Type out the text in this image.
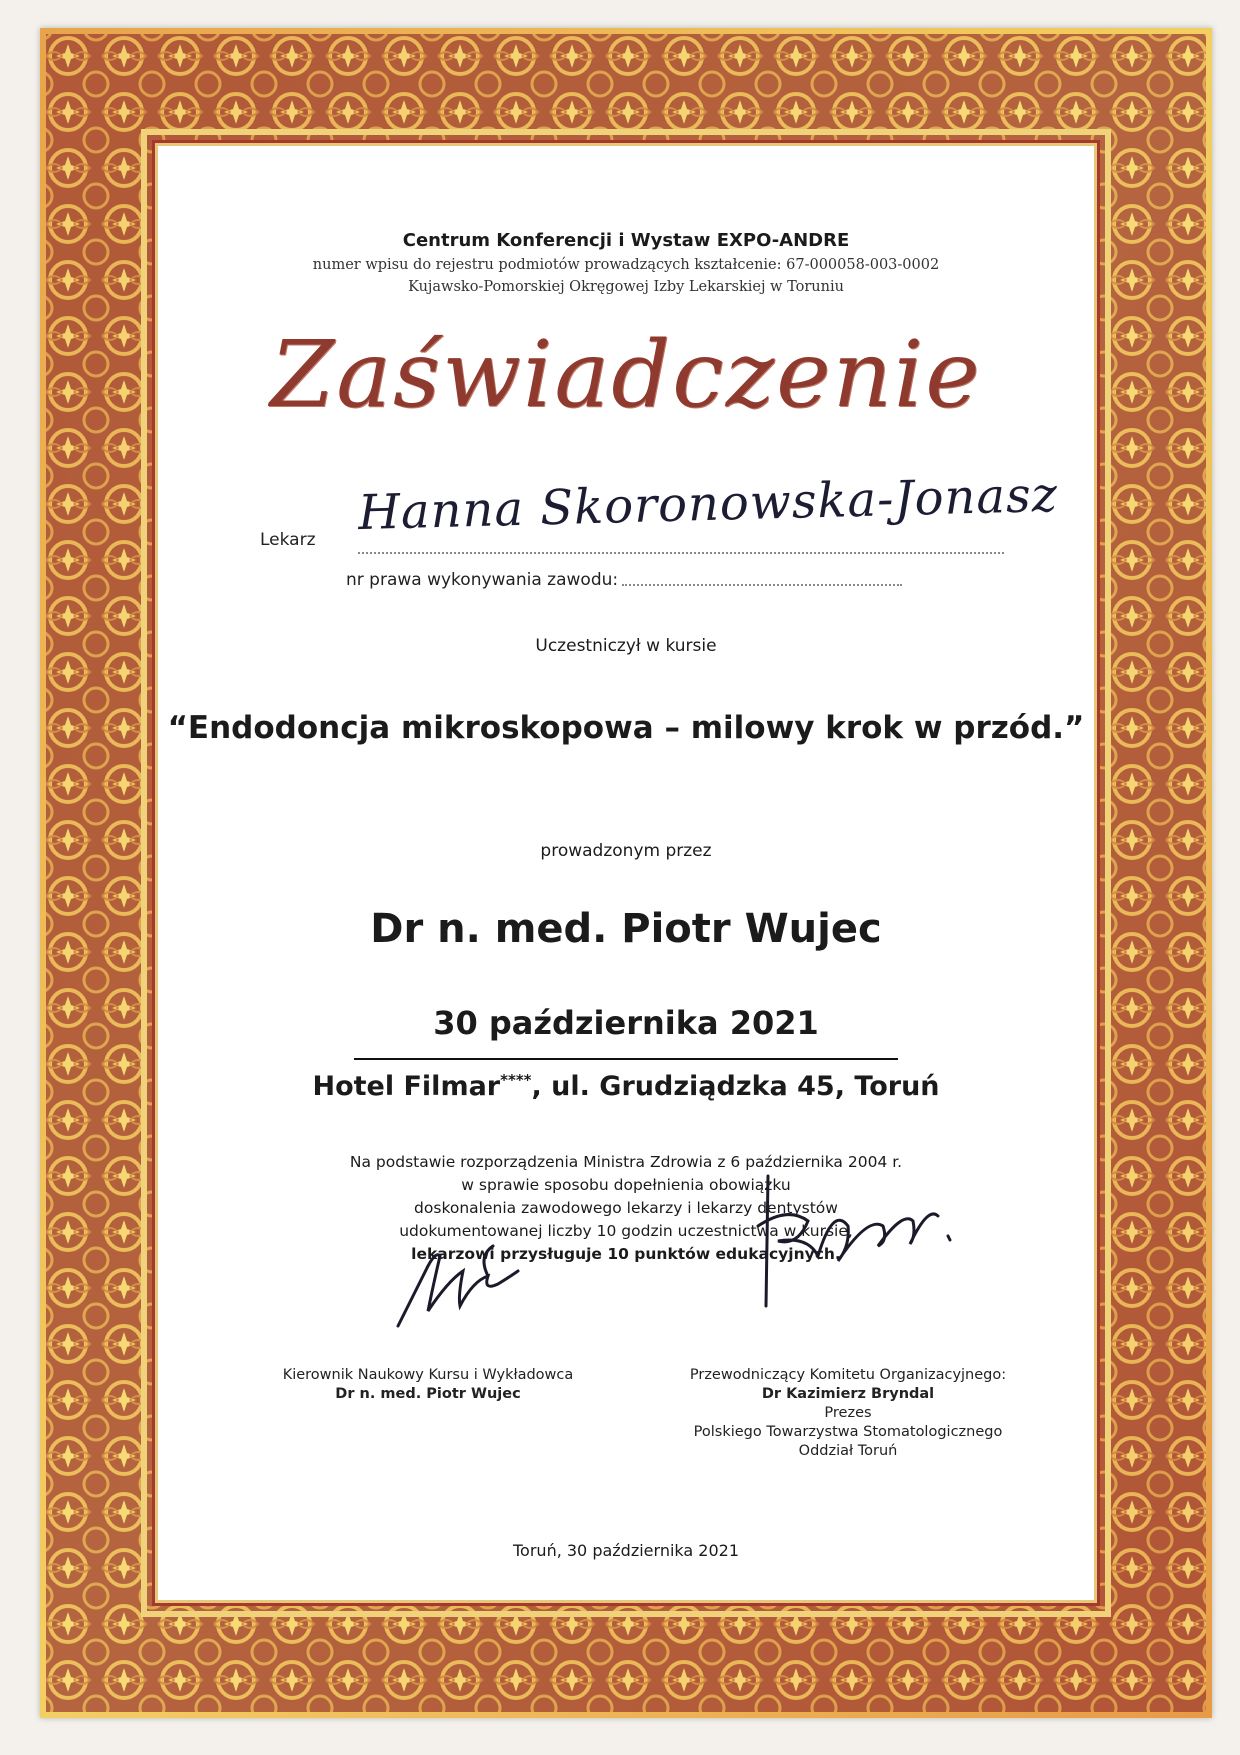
Centrum Konferencji i Wystaw EXPO-ANDRE

numer wpisu do rejestru podmiotów prowadzących kształcenie: 67-000058-003-0002

Kujawsko-Pomorskiej Okręgowej Izby Lekarskiej w Toruniu

Zaświadczenie

Lekarz Hanna Skoronowska-Jonasz
nr prawa wykonywania zawodu:

Uczestniczył w kursie

“Endodoncja mikroskopowa – milowy krok w przód.”

prowadzonym przez

Dr n. med. Piotr Wujec

30 października 2021

Hotel Filmar****, ul. Grudziądzka 45, Toruń

Na podstawie rozporządzenia Ministra Zdrowia z 6 października 2004 r.
w sprawie sposobu dopełnienia obowiązku
doskonalenia zawodowego lekarzy i lekarzy dentystów
udokumentowanej liczby 10 godzin uczestnictwa w kursie,
lekarzowi przysługuje 10 punktów edukacyjnych.

Kierownik Naukowy Kursu i Wykładowca

Dr n. med. Piotr Wujec

Przewodniczący Komitetu Organizacyjnego:

Dr Kazimierz Bryndal

Prezes

Polskiego Towarzystwa Stomatologicznego

Oddział Toruń

Toruń, 30 października 2021
